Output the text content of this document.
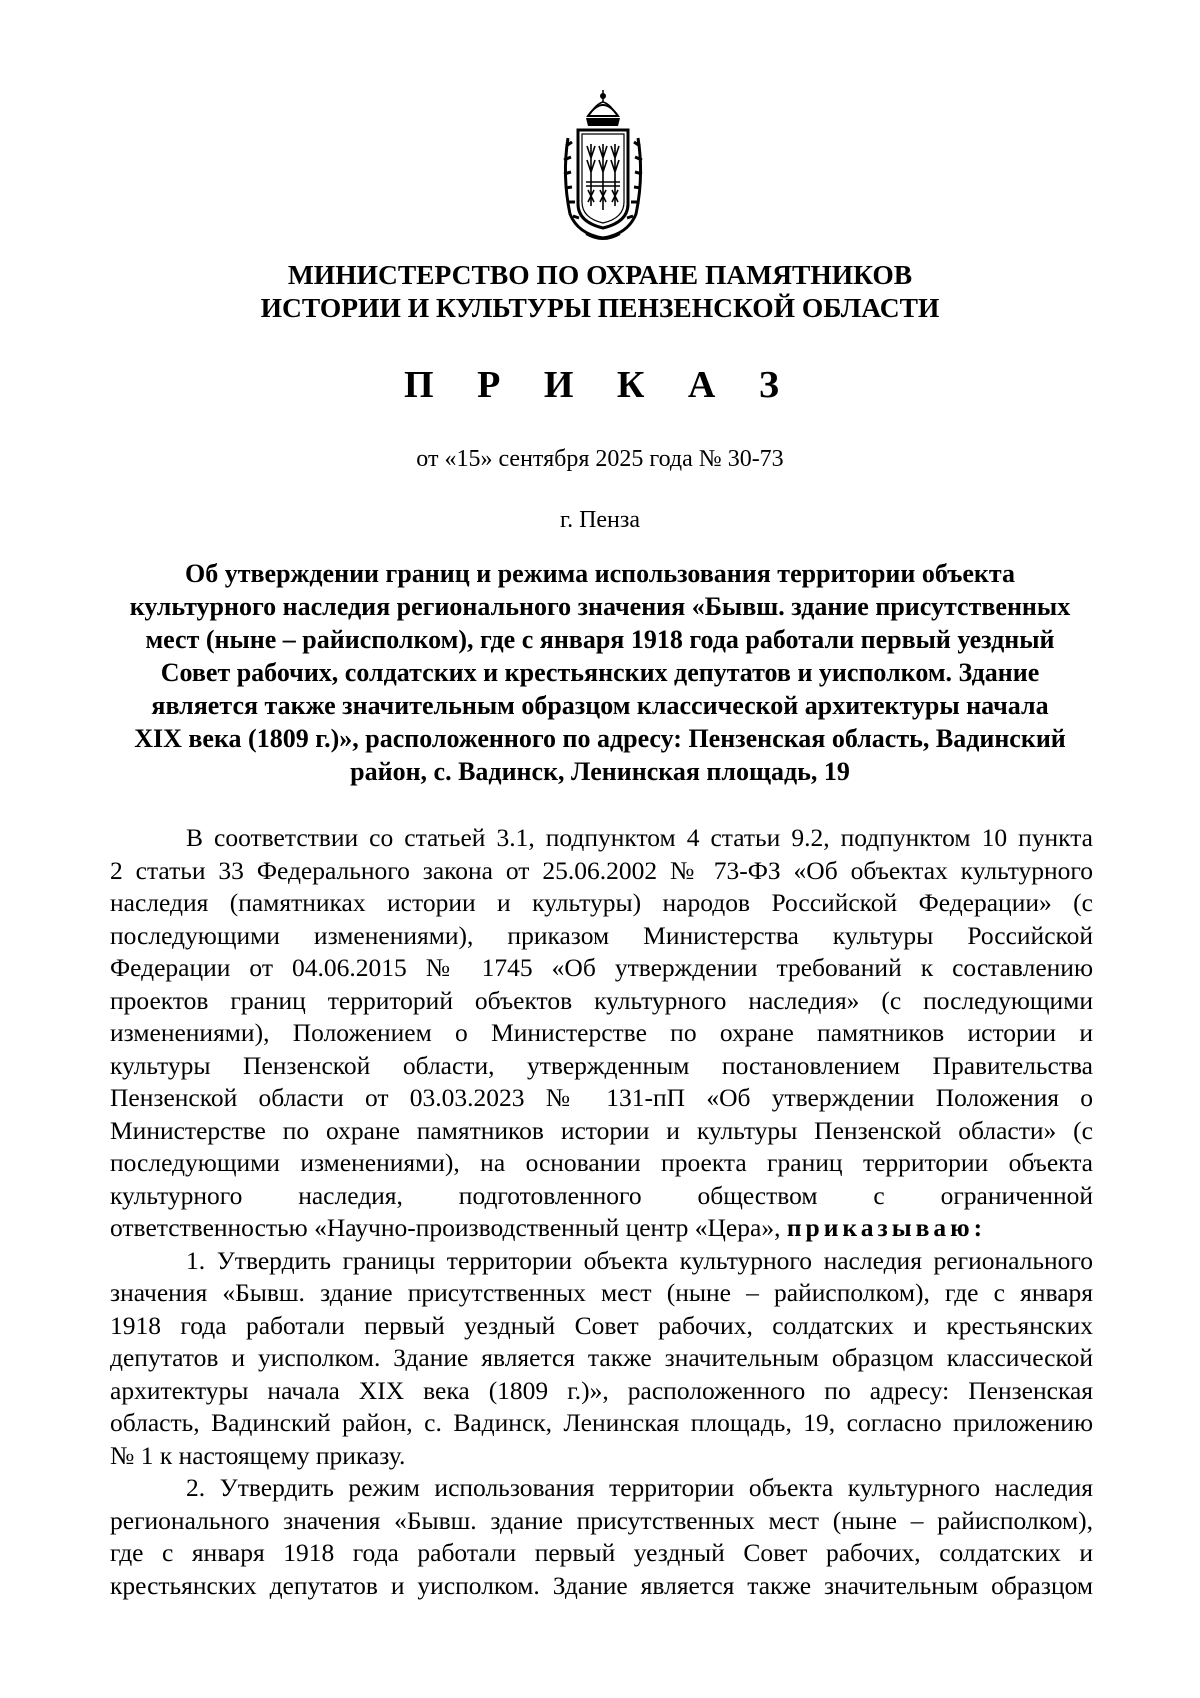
МИНИСТЕРСТВО ПО ОХРАНЕ ПАМЯТНИКОВ
ИСТОРИИ И КУЛЬТУРЫ ПЕНЗЕНСКОЙ ОБЛАСТИ
П Р И К А З
от «15» сентября 2025 года № 30-73
г. Пенза
Об утверждении границ и режима использования территории объекта
культурного наследия регионального значения «Бывш. здание присутственных
мест (ныне – райисполком), где с января 1918 года работали первый уездный
Совет рабочих, солдатских и крестьянских депутатов и уисполком. Здание
является также значительным образцом классической архитектуры начала
XIX века (1809 г.)», расположенного по адресу: Пензенская область, Вадинский
район, с. Вадинск, Ленинская площадь, 19
В соответствии со статьей 3.1, подпунктом 4 статьи 9.2, подпунктом 10 пункта
2 статьи 33 Федерального закона от 25.06.2002 № 73-ФЗ «Об объектах культурного
наследия (памятниках истории и культуры) народов Российской Федерации» (с
последующими изменениями), приказом Министерства культуры Российской
Федерации от 04.06.2015 № 1745 «Об утверждении требований к составлению
проектов границ территорий объектов культурного наследия» (с последующими
изменениями), Положением о Министерстве по охране памятников истории и
культуры Пензенской области, утвержденным постановлением Правительства
Пензенской области от 03.03.2023 № 131-пП «Об утверждении Положения о
Министерстве по охране памятников истории и культуры Пензенской области» (с
последующими изменениями), на основании проекта границ территории объекта
культурного наследия, подготовленного обществом с ограниченной
ответственностью «Научно-производственный центр «Цера», приказываю:
1. Утвердить границы территории объекта культурного наследия регионального
значения «Бывш. здание присутственных мест (ныне – райисполком), где с января
1918 года работали первый уездный Совет рабочих, солдатских и крестьянских
депутатов и уисполком. Здание является также значительным образцом классической
архитектуры начала XIX века (1809 г.)», расположенного по адресу: Пензенская
область, Вадинский район, с. Вадинск, Ленинская площадь, 19, согласно приложению
№ 1 к настоящему приказу.
2. Утвердить режим использования территории объекта культурного наследия
регионального значения «Бывш. здание присутственных мест (ныне – райисполком),
где с января 1918 года работали первый уездный Совет рабочих, солдатских и
крестьянских депутатов и уисполком. Здание является также значительным образцом
